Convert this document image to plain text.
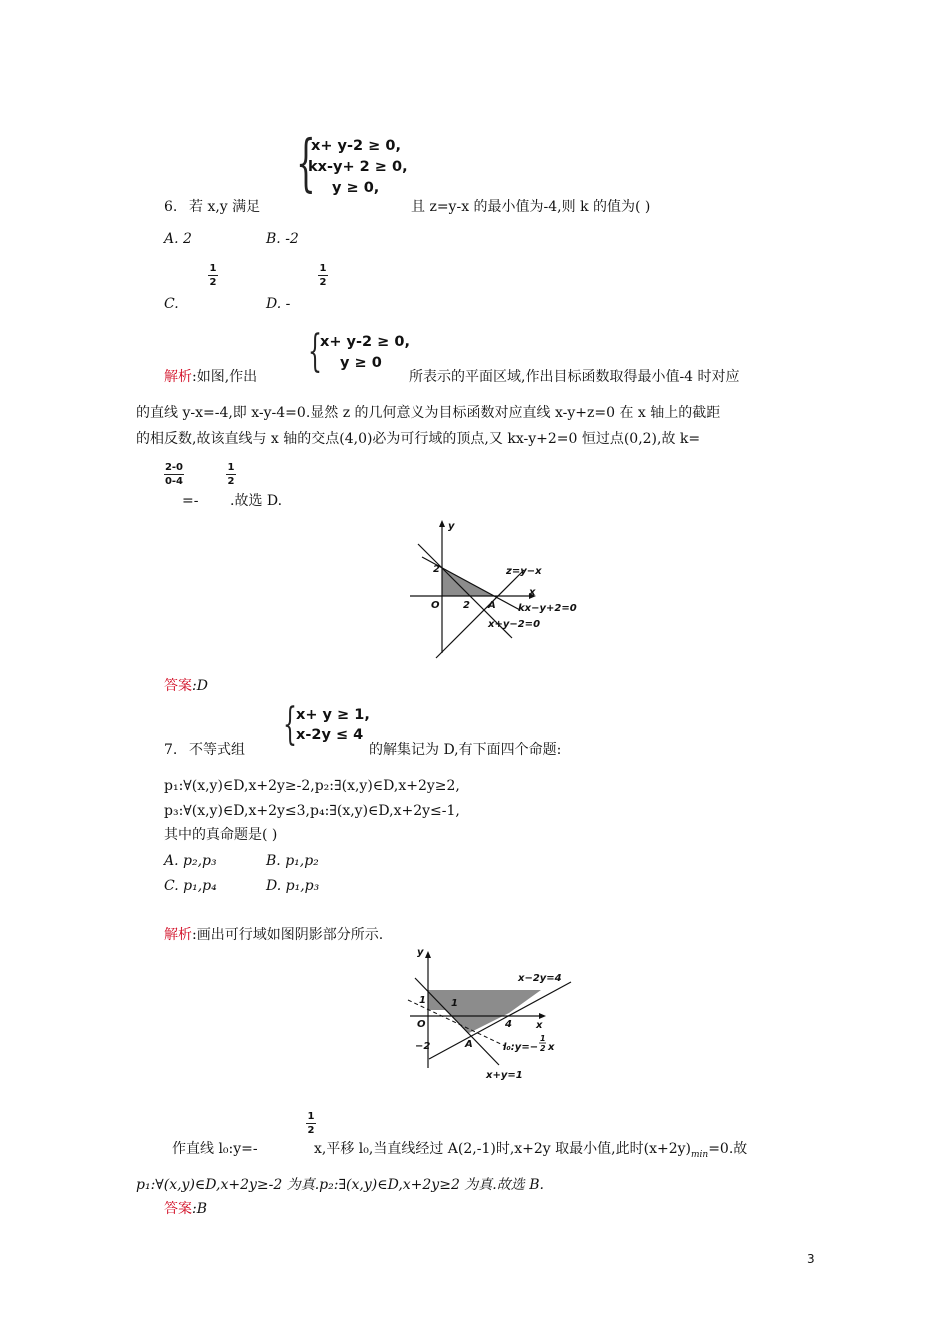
{
x+ y-2 ≥ 0,
kx-y+ 2 ≥ 0,
y ≥ 0,
6. 若 x,y 满足	且 z=y-x 的最小值为-4,则 k 的值为( )
A. 2	B. -2
1
2
1
2
C.	D. -
{
x+ y-2 ≥ 0,
y ≥ 0
解析:如图,作出	所表示的平面区域,作出目标函数取得最小值-4 时对应
的直线 y-x=-4,即 x-y-4=0.显然 z 的几何意义为目标函数对应直线 x-y+z=0 在 x 轴上的截距
的相反数,故该直线与 x 轴的交点(4,0)必为可行域的顶点,又 kx-y+2=0 恒过点(0,2),故 k=
2-0
0-4
1
2
=- .故选 D.
y
x
O
2
2 A
z=y−x
kx−y+2=0
x+y−2=0
答案:D
{ x+ y ≥ 1,
x-2y ≤ 4
7. 不等式组	的解集记为 D,有下面四个命题:
p₁:∀(x,y)∈D,x+2y≥-2,p₂:∃(x,y)∈D,x+2y≥2,
p₃:∀(x,y)∈D,x+2y≤3,p₄:∃(x,y)∈D,x+2y≤-1,
其中的真命题是( )
A. p₂,p₃	B. p₁,p₂
C. p₁,p₄	D. p₁,p₃
解析:画出可行域如图阴影部分所示.
y
x
O
1	1
4
−2	A
x−2y=4
l₀:y=−
1
2 x
x+y=1
1
2
作直线 l₀:y=-	x,平移 l₀,当直线经过 A(2,-1)时,x+2y 取最小值,此时$(x+2y)_{min}=0$.故
p₁:∀(x,y)∈D,x+2y≥-2 为真.p₂:∃(x,y)∈D,x+2y≥2 为真.故选 B.
答案:B
3
